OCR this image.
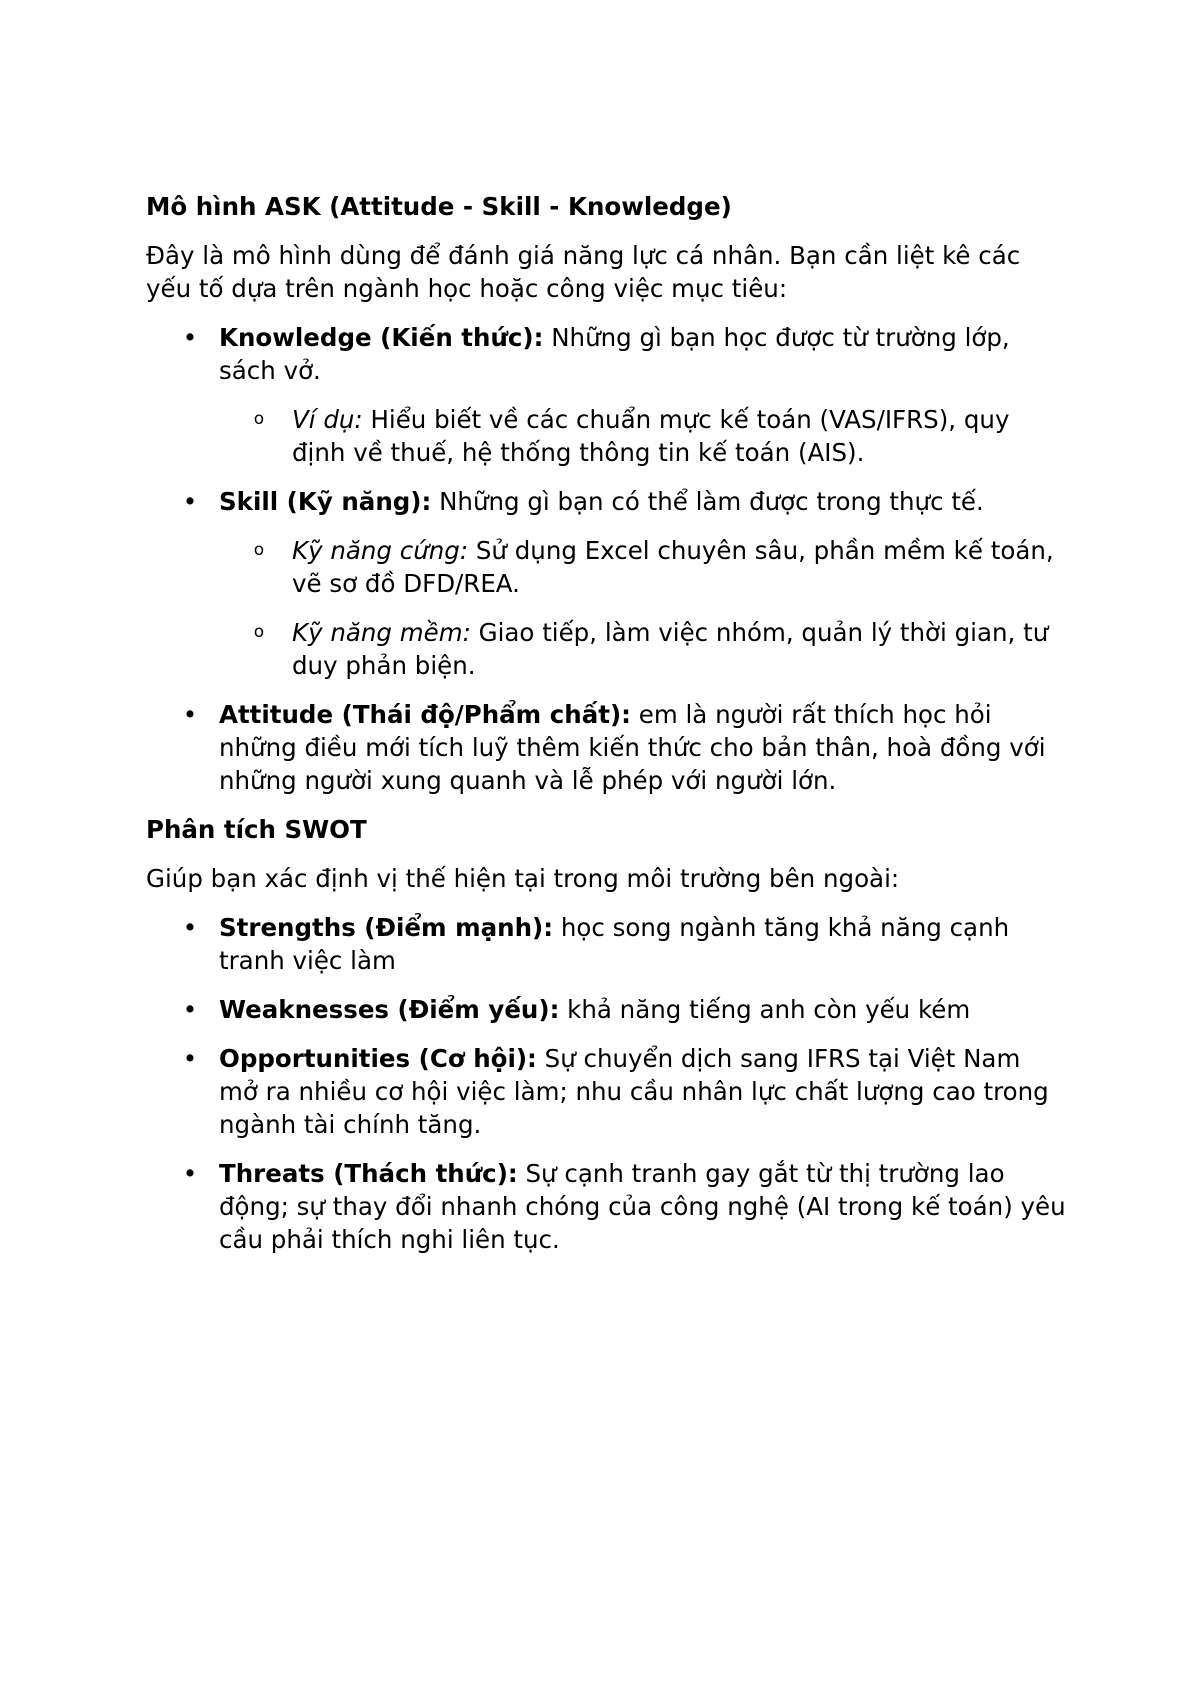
Mô hình ASK (Attitude - Skill - Knowledge)

Đây là mô hình dùng để đánh giá năng lực cá nhân. Bạn cần liệt kê các yếu tố dựa trên ngành học hoặc công việc mục tiêu:

• Knowledge (Kiến thức): Những gì bạn học được từ trường lớp, sách vở.
o Ví dụ: Hiểu biết về các chuẩn mực kế toán (VAS/IFRS), quy định về thuế, hệ thống thông tin kế toán (AIS).
• Skill (Kỹ năng): Những gì bạn có thể làm được trong thực tế.
o Kỹ năng cứng: Sử dụng Excel chuyên sâu, phần mềm kế toán, vẽ sơ đồ DFD/REA.
o Kỹ năng mềm: Giao tiếp, làm việc nhóm, quản lý thời gian, tư duy phản biện.
• Attitude (Thái độ/Phẩm chất): em là người rất thích học hỏi những điều mới tích luỹ thêm kiến thức cho bản thân, hoà đồng với những người xung quanh và lễ phép với người lớn.
Phân tích SWOT

Giúp bạn xác định vị thế hiện tại trong môi trường bên ngoài:

• Strengths (Điểm mạnh): học song ngành tăng khả năng cạnh tranh việc làm
• Weaknesses (Điểm yếu): khả năng tiếng anh còn yếu kém
• Opportunities (Cơ hội): Sự chuyển dịch sang IFRS tại Việt Nam mở ra nhiều cơ hội việc làm; nhu cầu nhân lực chất lượng cao trong ngành tài chính tăng.
• Threats (Thách thức): Sự cạnh tranh gay gắt từ thị trường lao động; sự thay đổi nhanh chóng của công nghệ (AI trong kế toán) yêu cầu phải thích nghi liên tục.
